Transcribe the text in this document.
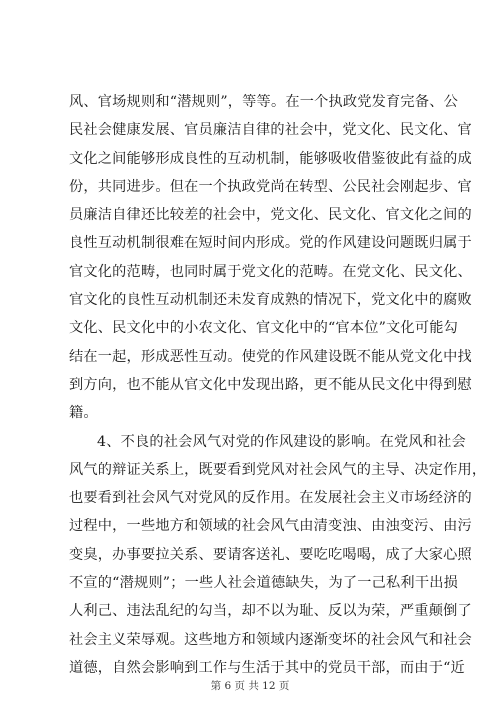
风、官场规则和“潜规则”，等等。在一个执政党发育完备、公
民社会健康发展、官员廉洁自律的社会中，党文化、民文化、官
文化之间能够形成良性的互动机制，能够吸收借鉴彼此有益的成
份，共同进步。但在一个执政党尚在转型、公民社会刚起步、官
员廉洁自律还比较差的社会中，党文化、民文化、官文化之间的
良性互动机制很难在短时间内形成。党的作风建设问题既归属于
官文化的范畴，也同时属于党文化的范畴。在党文化、民文化、
官文化的良性互动机制还未发育成熟的情况下，党文化中的腐败
文化、民文化中的小农文化、官文化中的“官本位”文化可能勾
结在一起，形成恶性互动。使党的作风建设既不能从党文化中找
到方向，也不能从官文化中发现出路，更不能从民文化中得到慰
籍。
4、不良的社会风气对党的作风建设的影响。在党风和社会
风气的辩证关系上，既要看到党风对社会风气的主导、决定作用，
也要看到社会风气对党风的反作用。在发展社会主义市场经济的
过程中，一些地方和领域的社会风气由清变浊、由浊变污、由污
变臭，办事要拉关系、要请客送礼、要吃吃喝喝，成了大家心照
不宣的“潜规则”；一些人社会道德缺失，为了一己私利干出损
人利己、违法乱纪的勾当，却不以为耻、反以为荣，严重颠倒了
社会主义荣辱观。这些地方和领域内逐渐变坏的社会风气和社会
道德，自然会影响到工作与生活于其中的党员干部，而由于“近
第 6 页 共 12 页
